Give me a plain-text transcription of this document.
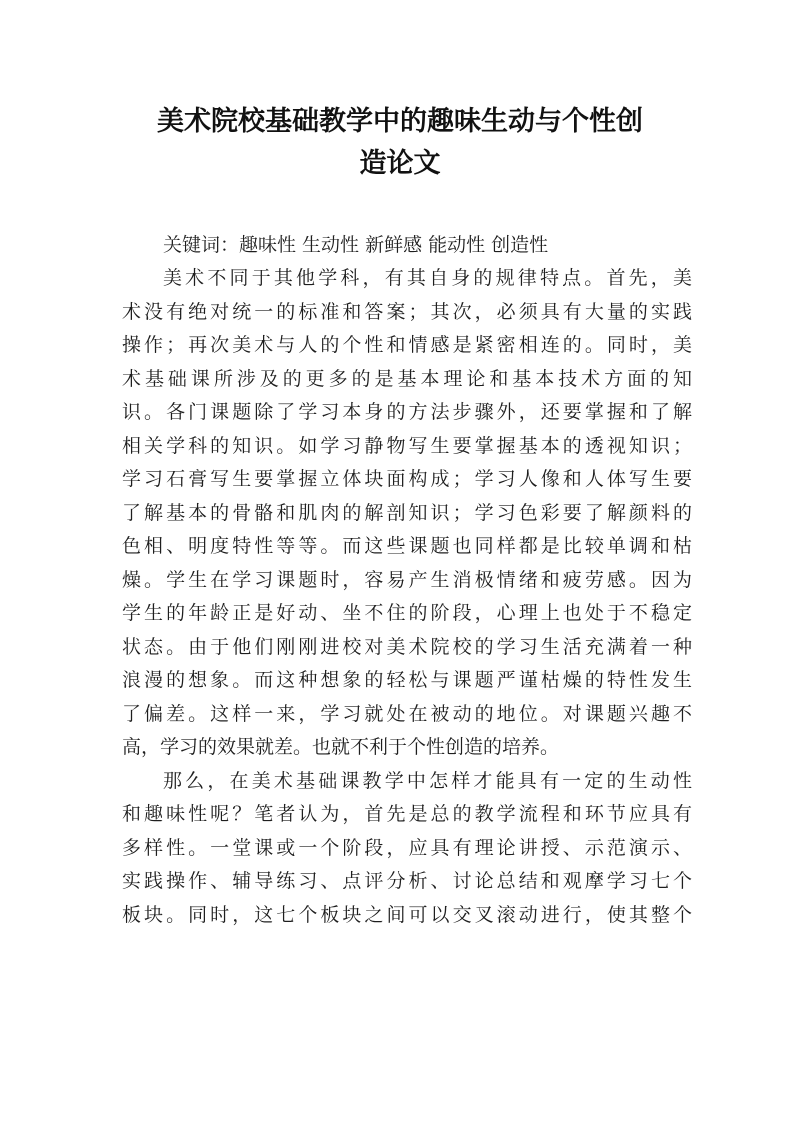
美术院校基础教学中的趣味生动与个性创
造论文
关键词：趣味性 生动性 新鲜感 能动性 创造性
美术不同于其他学科，有其自身的规律特点。首先，美
术没有绝对统一的标准和答案；其次，必须具有大量的实践
操作；再次美术与人的个性和情感是紧密相连的。同时，美
术基础课所涉及的更多的是基本理论和基本技术方面的知
识。各门课题除了学习本身的方法步骤外，还要掌握和了解
相关学科的知识。如学习静物写生要掌握基本的透视知识；
学习石膏写生要掌握立体块面构成；学习人像和人体写生要
了解基本的骨骼和肌肉的解剖知识；学习色彩要了解颜料的
色相、明度特性等等。而这些课题也同样都是比较单调和枯
燥。学生在学习课题时，容易产生消极情绪和疲劳感。因为
学生的年龄正是好动、坐不住的阶段，心理上也处于不稳定
状态。由于他们刚刚进校对美术院校的学习生活充满着一种
浪漫的想象。而这种想象的轻松与课题严谨枯燥的特性发生
了偏差。这样一来，学习就处在被动的地位。对课题兴趣不
高，学习的效果就差。也就不利于个性创造的培养。
那么，在美术基础课教学中怎样才能具有一定的生动性
和趣味性呢？笔者认为，首先是总的教学流程和环节应具有
多样性。一堂课或一个阶段，应具有理论讲授、示范演示、
实践操作、辅导练习、点评分析、讨论总结和观摩学习七个
板块。同时，这七个板块之间可以交叉滚动进行，使其整个
